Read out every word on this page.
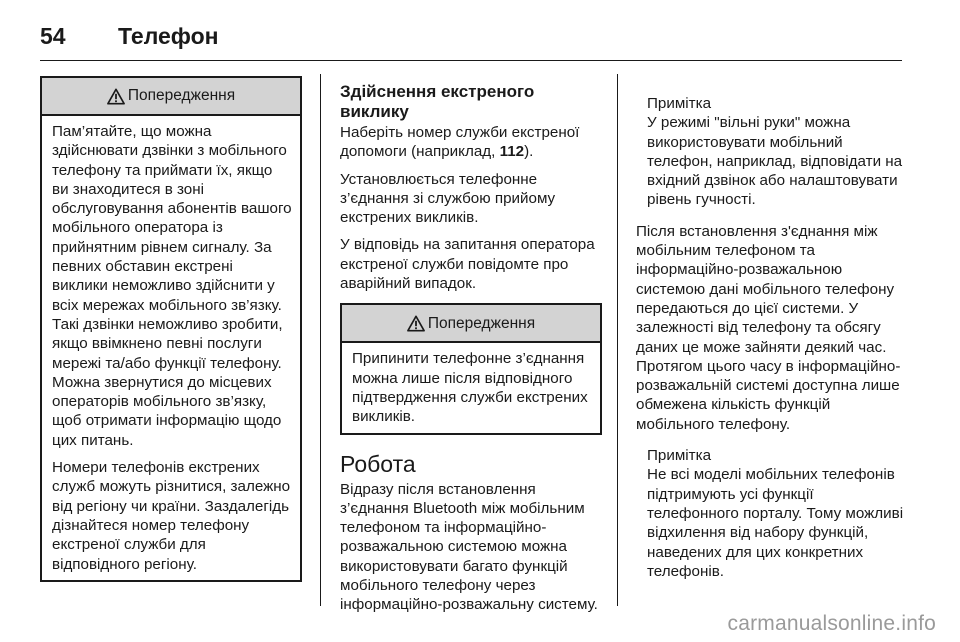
54	Телефон
Попередження

Пам’ятайте, що можна здійснювати дзвінки з мобільного телефону та приймати їх, якщо ви знаходитеся в зоні обслуговування абонентів вашого мобільного оператора із прийнятним рівнем сигналу. За певних обставин екстрені виклики неможливо здійснити у всіх мережах мобільного зв’язку. Такі дзвінки неможливо зробити, якщо ввімкнено певні послуги мережі та/або функції телефону. Можна звернутися до місцевих операторів мобільного зв’язку, щоб отримати інформацію щодо цих питань.

Номери телефонів екстрених служб можуть різнитися, залежно від регіону чи країни. Заздалегідь дізнайтеся номер телефону екстреної служби для відповідного регіону.

Здійснення екстреного виклику

Наберіть номер служби екстреної допомоги (наприклад, 112).

Установлюється телефонне з’єднання зі службою прийому екстрених викликів.

У відповідь на запитання оператора екстреної служби повідомте про аварійний випадок.

Попередження

Припинити телефонне з’єднання можна лише після відповідного підтвердження служби екстрених викликів.

Робота

Відразу після встановлення з’єднання Bluetooth між мобільним телефоном та інформаційно-розважальною системою можна використовувати багато функцій мобільного телефону через інформаційно-розважальну систему.

Примітка

У режимі "вільні руки" можна використовувати мобільний телефон, наприклад, відповідати на вхідний дзвінок або налаштовувати рівень гучності.

Після встановлення з'єднання між мобільним телефоном та інформаційно-розважальною системою дані мобільного телефону передаються до цієї системи. У залежності від телефону та обсягу даних це може зайняти деякий час. Протягом цього часу в інформаційно-розважальній системі доступна лише обмежена кількість функцій мобільного телефону.

Примітка

Не всі моделі мобільних телефонів підтримують усі функції телефонного порталу. Тому можливі відхилення від набору функцій, наведених для цих конкретних телефонів.

carmanualsonline.info
